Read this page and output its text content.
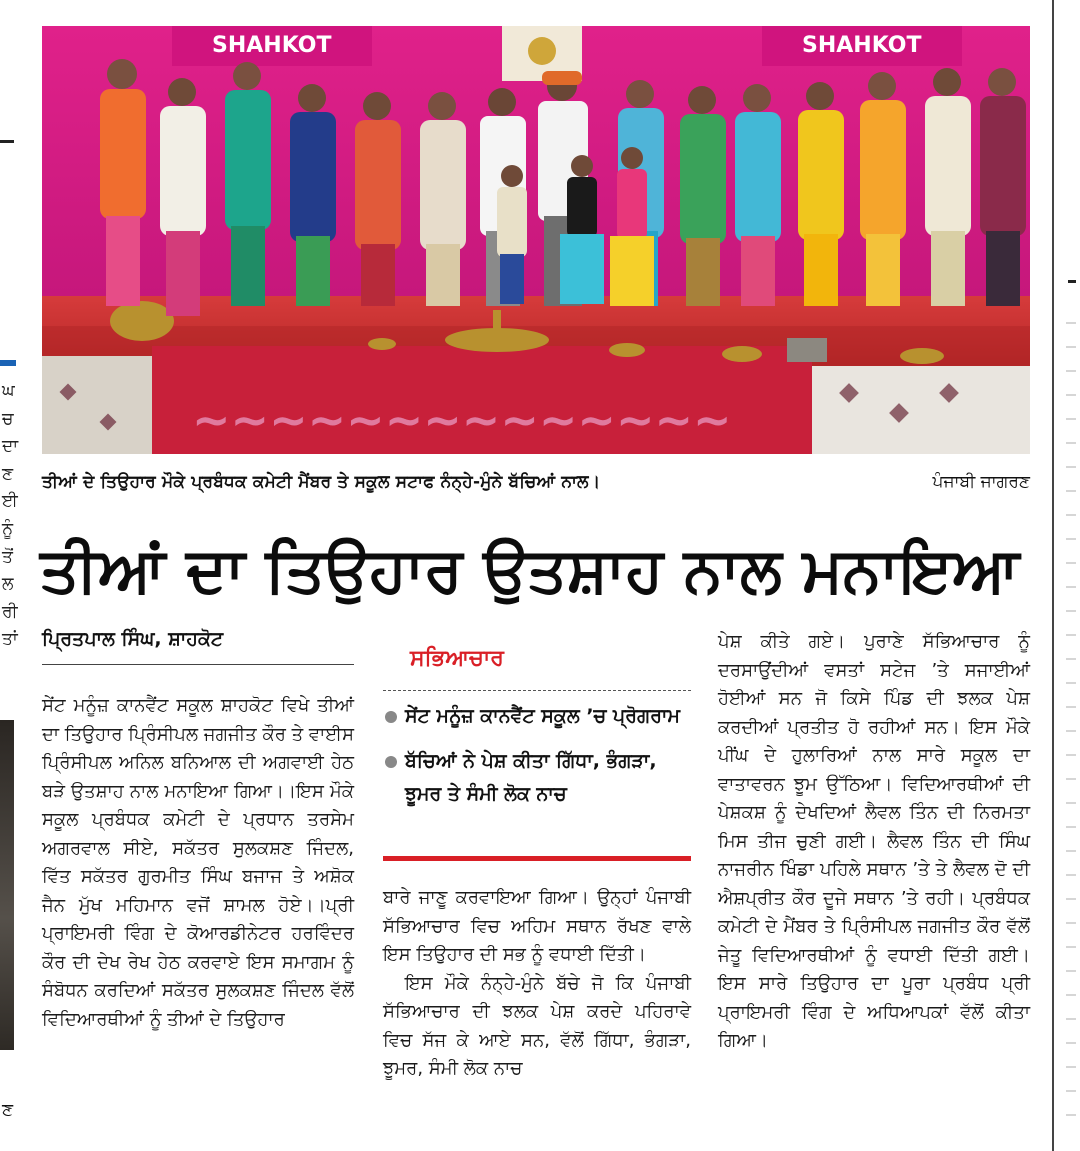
ਘ
ਚ
ਦਾ
ਣ
ਈ
ਨੂੰ
ਤੋਂ
ਲ
ਰੀ
ਤਾਂ
ਣ
SHAHKOT	SHAHKOT
~~~~~~~~~~~~~~
ਤੀਆਂ ਦੇ ਤਿਉਹਾਰ ਮੌਕੇ ਪ੍ਰਬੰਧਕ ਕਮੇਟੀ ਮੈਂਬਰ ਤੇ ਸਕੂਲ ਸਟਾਫ ਨੰਨ੍ਹੇ-ਮੁੰਨੇ ਬੱਚਿਆਂ ਨਾਲ।	ਪੰਜਾਬੀ ਜਾਗਰਣ
ਤੀਆਂ ਦਾ ਤਿਉਹਾਰ ਉਤਸ਼ਾਹ ਨਾਲ ਮਨਾਇਆ
ਪ੍ਰਿਤਪਾਲ ਸਿੰਘ, ਸ਼ਾਹਕੋਟ

ਸੇਂਟ ਮਨੂੰਜ਼ ਕਾਨਵੈਂਟ ਸਕੂਲ ਸ਼ਾਹਕੋਟ ਵਿਖੇ ਤੀਆਂ ਦਾ ਤਿਉਹਾਰ ਪ੍ਰਿੰਸੀਪਲ ਜਗਜੀਤ ਕੌਰ ਤੇ ਵਾਈਸ ਪ੍ਰਿੰਸੀਪਲ ਅਨਿਲ ਬਨਿਆਲ ਦੀ ਅਗਵਾਈ ਹੇਠ ਬੜੇ ਉਤਸ਼ਾਹ ਨਾਲ ਮਨਾਇਆ ਗਿਆ।।ਇਸ ਮੌਕੇ ਸਕੂਲ ਪ੍ਰਬੰਧਕ ਕਮੇਟੀ ਦੇ ਪ੍ਰਧਾਨ ਤਰਸੇਮ ਅਗਰਵਾਲ ਸੀਏ, ਸਕੱਤਰ ਸੁਲਕਸ਼ਣ ਜਿੰਦਲ, ਵਿੱਤ ਸਕੱਤਰ ਗੁਰਮੀਤ ਸਿੰਘ ਬਜਾਜ ਤੇ ਅਸ਼ੋਕ ਜੈਨ ਮੁੱਖ ਮਹਿਮਾਨ ਵਜੋਂ ਸ਼ਾਮਲ ਹੋਏ।।ਪ੍ਰੀ ਪ੍ਰਾਇਮਰੀ ਵਿੰਗ ਦੇ ਕੋਆਰਡੀਨੇਟਰ ਹਰਵਿੰਦਰ ਕੌਰ ਦੀ ਦੇਖ ਰੇਖ ਹੇਠ ਕਰਵਾਏ ਇਸ ਸਮਾਗਮ ਨੂੰ ਸੰਬੋਧਨ ਕਰਦਿਆਂ ਸਕੱਤਰ ਸੁਲਕਸ਼ਣ ਜਿੰਦਲ ਵੱਲੋਂ ਵਿਦਿਆਰਥੀਆਂ ਨੂੰ ਤੀਆਂ ਦੇ ਤਿਉਹਾਰ

ਸਭਿਆਚਾਰ
ਸੇਂਟ ਮਨੂੰਜ਼ ਕਾਨਵੈਂਟ ਸਕੂਲ ’ਚ ਪ੍ਰੋਗਰਾਮ
ਬੱਚਿਆਂ ਨੇ ਪੇਸ਼ ਕੀਤਾ ਗਿੱਧਾ, ਭੰਗੜਾ, ਝੂਮਰ ਤੇ ਸੰਮੀ ਲੋਕ ਨਾਚ

ਬਾਰੇ ਜਾਣੂ ਕਰਵਾਇਆ ਗਿਆ। ਉਨ੍ਹਾਂ ਪੰਜਾਬੀ ਸੱਭਿਆਚਾਰ ਵਿਚ ਅਹਿਮ ਸਥਾਨ ਰੱਖਣ ਵਾਲੇ ਇਸ ਤਿਉਹਾਰ ਦੀ ਸਭ ਨੂੰ ਵਧਾਈ ਦਿੱਤੀ।

ਇਸ ਮੌਕੇ ਨੰਨ੍ਹੇ-ਮੁੰਨੇ ਬੱਚੇ ਜੋ ਕਿ ਪੰਜਾਬੀ ਸੱਭਿਆਚਾਰ ਦੀ ਝਲਕ ਪੇਸ਼ ਕਰਦੇ ਪਹਿਰਾਵੇ ਵਿਚ ਸੱਜ ਕੇ ਆਏ ਸਨ, ਵੱਲੋਂ ਗਿੱਧਾ, ਭੰਗੜਾ, ਝੂਮਰ, ਸੰਮੀ ਲੋਕ ਨਾਚ

ਪੇਸ਼ ਕੀਤੇ ਗਏ। ਪੁਰਾਣੇ ਸੱਭਿਆਚਾਰ ਨੂੰ ਦਰਸਾਉਂਦੀਆਂ ਵਸਤਾਂ ਸਟੇਜ ’ਤੇ ਸਜਾਈਆਂ ਹੋਈਆਂ ਸਨ ਜੋ ਕਿਸੇ ਪਿੰਡ ਦੀ ਝਲਕ ਪੇਸ਼ ਕਰਦੀਆਂ ਪ੍ਰਤੀਤ ਹੋ ਰਹੀਆਂ ਸਨ। ਇਸ ਮੌਕੇ ਪੀਂਘ ਦੇ ਹੁਲਾਰਿਆਂ ਨਾਲ ਸਾਰੇ ਸਕੂਲ ਦਾ ਵਾਤਾਵਰਨ ਝੂਮ ਉੱਠਿਆ। ਵਿਦਿਆਰਥੀਆਂ ਦੀ ਪੇਸ਼ਕਸ਼ ਨੂੰ ਦੇਖਦਿਆਂ ਲੈਵਲ ਤਿੰਨ ਦੀ ਨਿਰਮਤਾ ਮਿਸ ਤੀਜ ਚੁਣੀ ਗਈ। ਲੈਵਲ ਤਿੰਨ ਦੀ ਸਿੰਘ ਨਾਜਰੀਨ ਖਿੰਡਾ ਪਹਿਲੇ ਸਥਾਨ ’ਤੇ ਤੇ ਲੈਵਲ ਦੋ ਦੀ ਐਸ਼ਪ੍ਰੀਤ ਕੌਰ ਦੂਜੇ ਸਥਾਨ ’ਤੇ ਰਹੀ। ਪ੍ਰਬੰਧਕ ਕਮੇਟੀ ਦੇ ਮੈਂਬਰ ਤੇ ਪ੍ਰਿੰਸੀਪਲ ਜਗਜੀਤ ਕੌਰ ਵੱਲੋਂ ਜੇਤੂ ਵਿਦਿਆਰਥੀਆਂ ਨੂੰ ਵਧਾਈ ਦਿੱਤੀ ਗਈ। ਇਸ ਸਾਰੇ ਤਿਉਹਾਰ ਦਾ ਪੂਰਾ ਪ੍ਰਬੰਧ ਪ੍ਰੀ ਪ੍ਰਾਇਮਰੀ ਵਿੰਗ ਦੇ ਅਧਿਆਪਕਾਂ ਵੱਲੋਂ ਕੀਤਾ ਗਿਆ।
